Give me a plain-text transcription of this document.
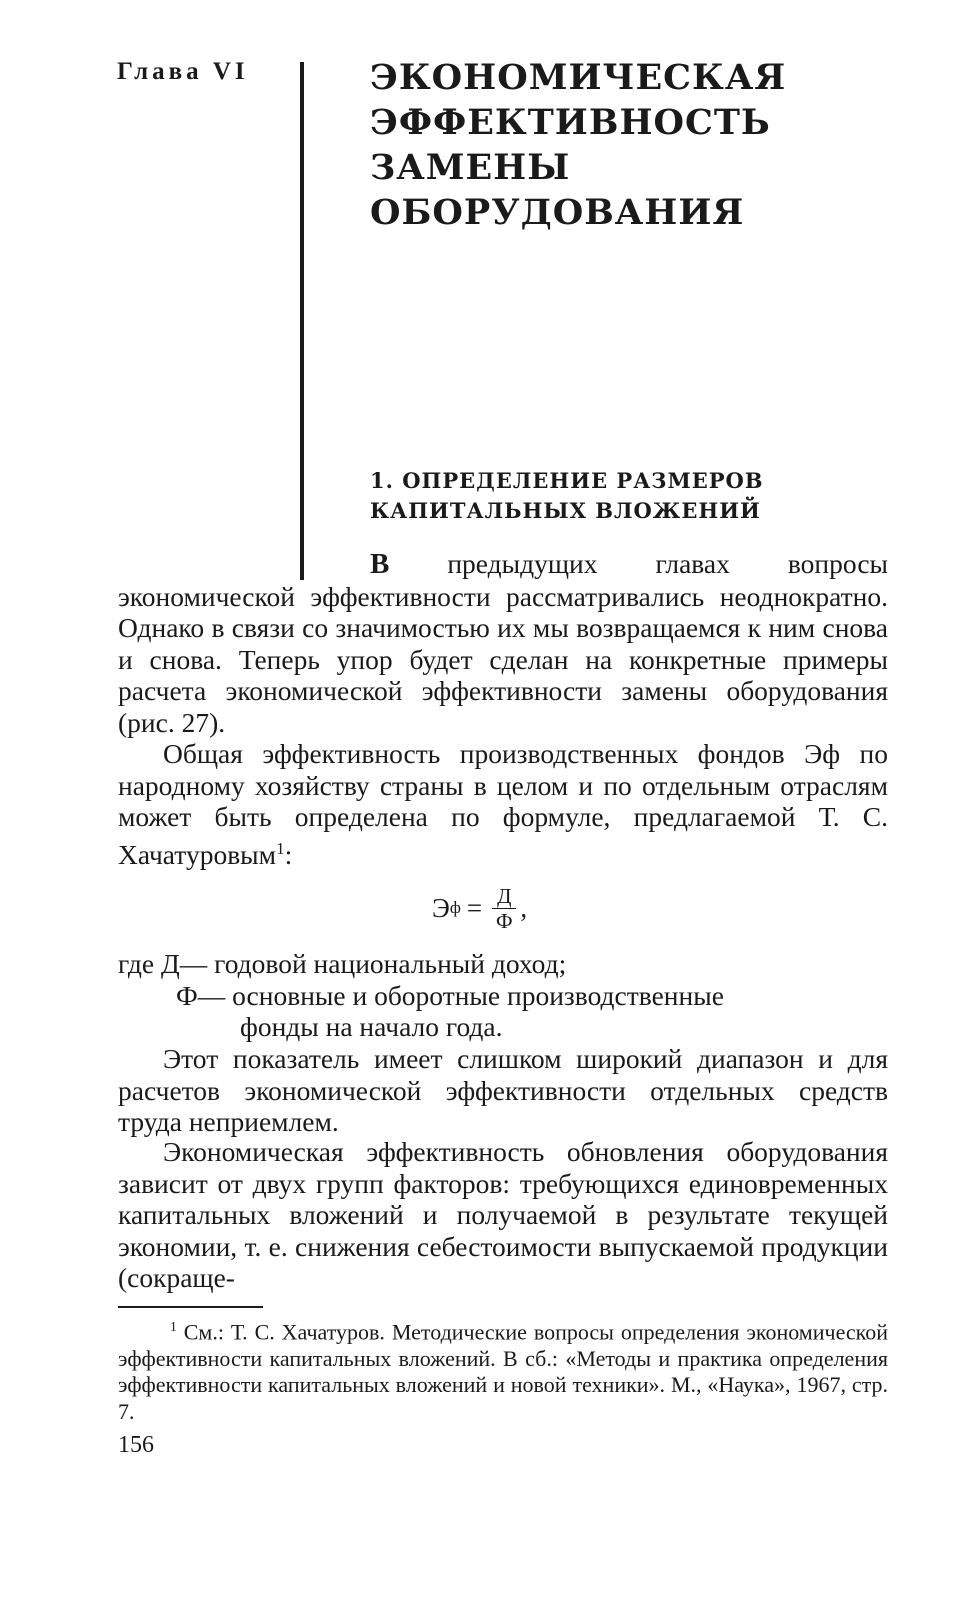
Глава VI	ЭКОНОМИЧЕСКАЯ
ЭФФЕКТИВНОСТЬ
ЗАМЕНЫ
ОБОРУДОВАНИЯ
1. ОПРЕДЕЛЕНИЕ РАЗМЕРОВ
КАПИТАЛЬНЫХ ВЛОЖЕНИЙ

В предыдущих главах вопросы экономической эффективности рассматривались неоднократно. Однако в связи со значимостью их мы возвращаемся к ним снова и снова. Теперь упор будет сделан на конкретные примеры расчета экономической эффективности замены оборудования (рис. 27).

Общая эффективность производственных фондов Эф по народному хозяйству страны в целом и по отдельным отраслям может быть определена по формуле, предлагаемой Т. С. Хачатуровым$^1$:

Э $ф = \frac{Д}{Ф}$ ,
где Д— годовой национальный доход;
Ф— основные и оборотные производственные
фонды на начало года.

Этот показатель имеет слишком широкий диапазон и для расчетов экономической эффективности отдельных средств труда неприемлем.

Экономическая эффективность обновления оборудования зависит от двух групп факторов: требующихся единовременных капитальных вложений и получаемой в результате текущей экономии, т. е. снижения себестоимости выпускаемой продукции (сокраще-

$^1$ См.: Т. С. Хачатуров. Методические вопросы определения экономической эффективности капитальных вложений. В сб.: «Методы и практика определения эффективности капитальных вложений и новой техники». М., «Наука», 1967, стр. 7.

156
